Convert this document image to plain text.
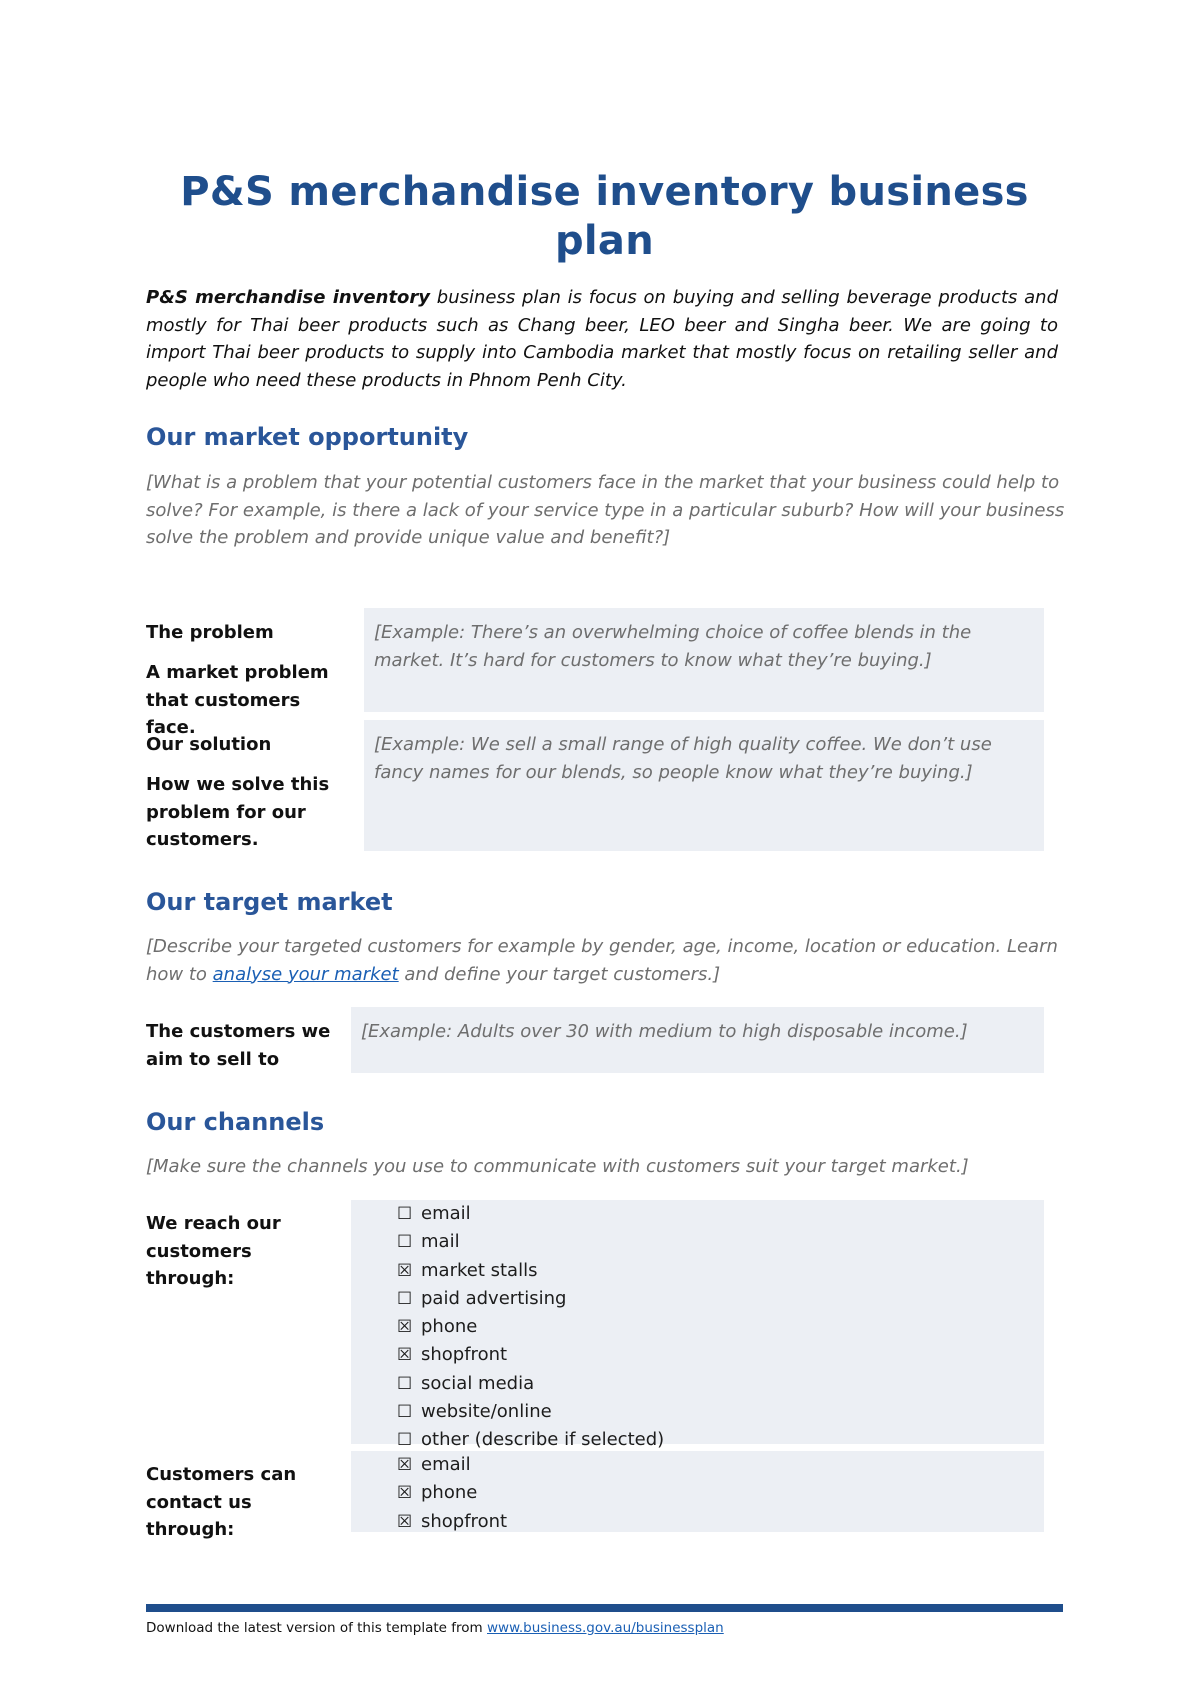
P&S merchandise inventory business plan

P&S merchandise inventory business plan is focus on buying and selling beverage products and mostly for Thai beer products such as Chang beer, LEO beer and Singha beer. We are going to import Thai beer products to supply into Cambodia market that mostly focus on retailing seller and people who need these products in Phnom Penh City.

Our market opportunity

[What is a problem that your potential customers face in the market that your business could help to solve? For example, is there a lack of your service type in a particular suburb? How will your business solve the problem and provide unique value and benefit?]

The problem
A market problem that customers face.
[Example: There’s an overwhelming choice of coffee blends in the market. It’s hard for customers to know what they’re buying.]
Our solution
How we solve this problem for our customers.
[Example: We sell a small range of high quality coffee. We don’t use fancy names for our blends, so people know what they’re buying.]
Our target market

[Describe your targeted customers for example by gender, age, income, location or education. Learn how to analyse your market and define your target customers.]

The customers we aim to sell to
[Example: Adults over 30 with medium to high disposable income.]
Our channels

[Make sure the channels you use to communicate with customers suit your target market.]

We reach our customers through:
☐ email
☐ mail
☒ market stalls
☐ paid advertising
☒ phone
☒ shopfront
☐ social media
☐ website/online
☐ other (describe if selected)
Customers can contact us through:
☒ email
☒ phone
☒ shopfront
Download the latest version of this template from www.business.gov.au/businessplan
